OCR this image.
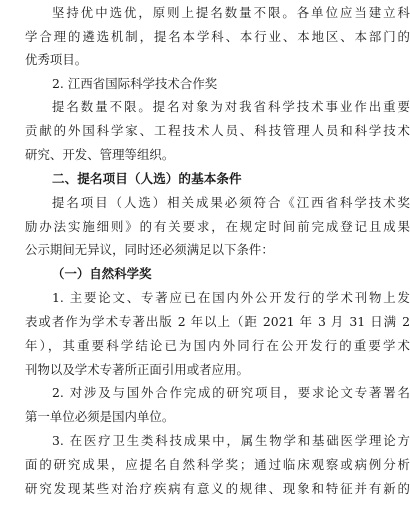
坚持优中选优，原则上提名数量不限。各单位应当建立科
学合理的遴选机制，提名本学科、本行业、本地区、本部门的
优秀项目。
2. 江西省国际科学技术合作奖
提名数量不限。提名对象为对我省科学技术事业作出重要
贡献的外国科学家、工程技术人员、科技管理人员和科学技术
研究、开发、管理等组织。
二、提名项目（人选）的基本条件
提名项目（人选）相关成果必须符合《江西省科学技术奖
励办法实施细则》的有关要求，在规定时间前完成登记且成果
公示期间无异议，同时还必须满足以下条件：
（一）自然科学奖
1. 主要论文、专著应已在国内外公开发行的学术刊物上发
表或者作为学术专著出版 2 年以上（距 2021 年 3 月 31 日满 2
年），其重要科学结论已为国内外同行在公开发行的重要学术
刊物以及学术专著所正面引用或者应用。
2. 对涉及与国外合作完成的研究项目，要求论文专著署名
第一单位必须是国内单位。
3. 在医疗卫生类科技成果中，属生物学和基础医学理论方
面的研究成果，应提名自然科学奖；通过临床观察或病例分析
研究发现某些对治疗疾病有意义的规律、现象和特征并有新的
